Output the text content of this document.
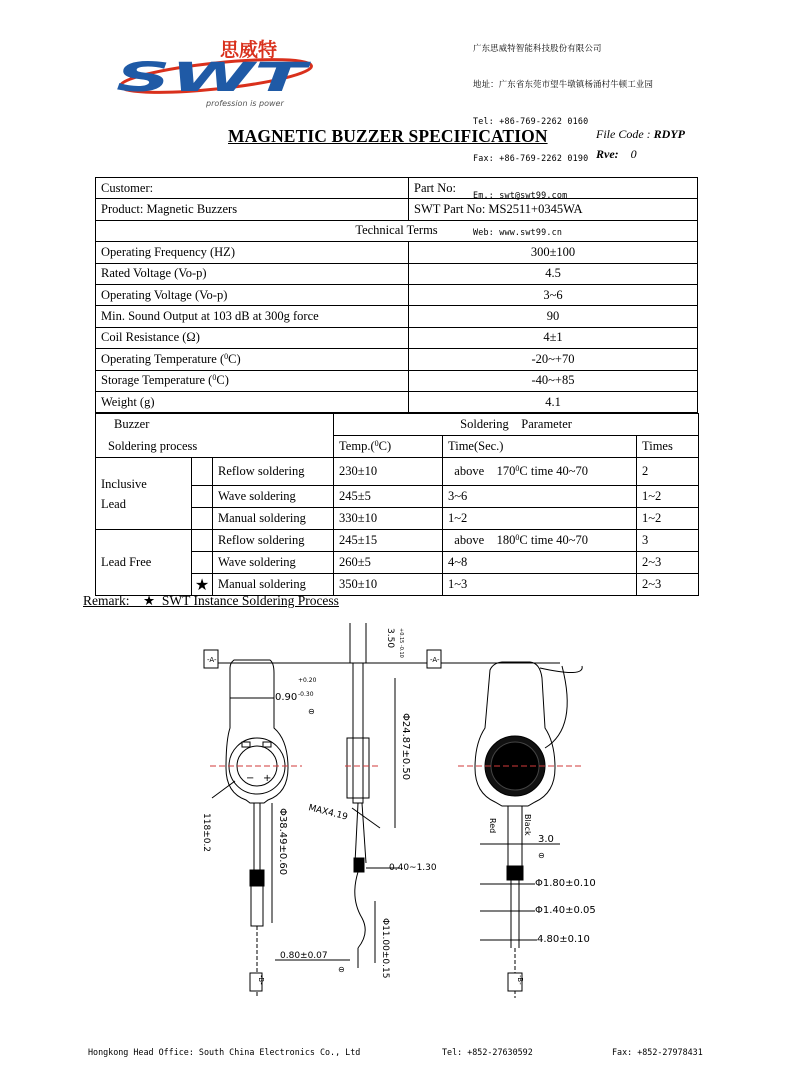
思威特
SWT
profession is power

广东思威特智能科技股份有限公司

地址：广东省东莞市望牛墩镇杨涌村牛顿工业园

Tel: +86-769-2262 0160

Fax: +86-769-2262 0190

Em.: swt@swt99.com

Web: www.swt99.cn

MAGNETIC BUZZER SPECIFICATION	File Code : RDYP
Rve: 0
Customer:	Part No:
Product: Magnetic Buzzers	SWT Part No: MS2511+0345WA
Technical Terms	
Operating Frequency (HZ)	300±100
Rated Voltage (Vo-p)	4.5
Operating Voltage (Vo-p)	3~6
Min. Sound Output at 103 dB at 300g force	90
Coil Resistance (Ω)	4±1
Operating Temperature ($^0$C)	-20~+70
Storage Temperature ($^0$C)	-40~+85
Weight (g)	4.1
Buzzer			Soldering    Parameter		
Soldering process			Temp.($^0$C)	Time(Sec.)	Times
Inclusive
Lead		Reflow soldering	230±10	above    $170^0C$ time 40~70	2
		Wave soldering	245±5	3~6	1~2
		Manual soldering	330±10	1~2	1~2
Lead Free		Reflow soldering	245±15	above    $180^0C$ time 40~70	3
		Wave soldering	260±5	4~8	2~3
	★	Manual soldering	350±10	1~3	2~3
Remark:    ★  SWT Instance Soldering Process
-A-
+
−
-B-
0.90
+0.20
-0.30
⊖
Φ38.49±0.60
118±0.2
3.50 +0.15 -0.10
-A-
Φ24.87±0.50
MAX4.19
0.40~1.30
Φ11.00±0.15
0.80±0.07
⊖
Red	Black
3.0
⊖
Φ1.80±0.10
Φ1.40±0.05
4.80±0.10
-B-
Hongkong Head Office: South China Electronics Co., Ltd	Tel: +852-27630592	Fax: +852-27978431
